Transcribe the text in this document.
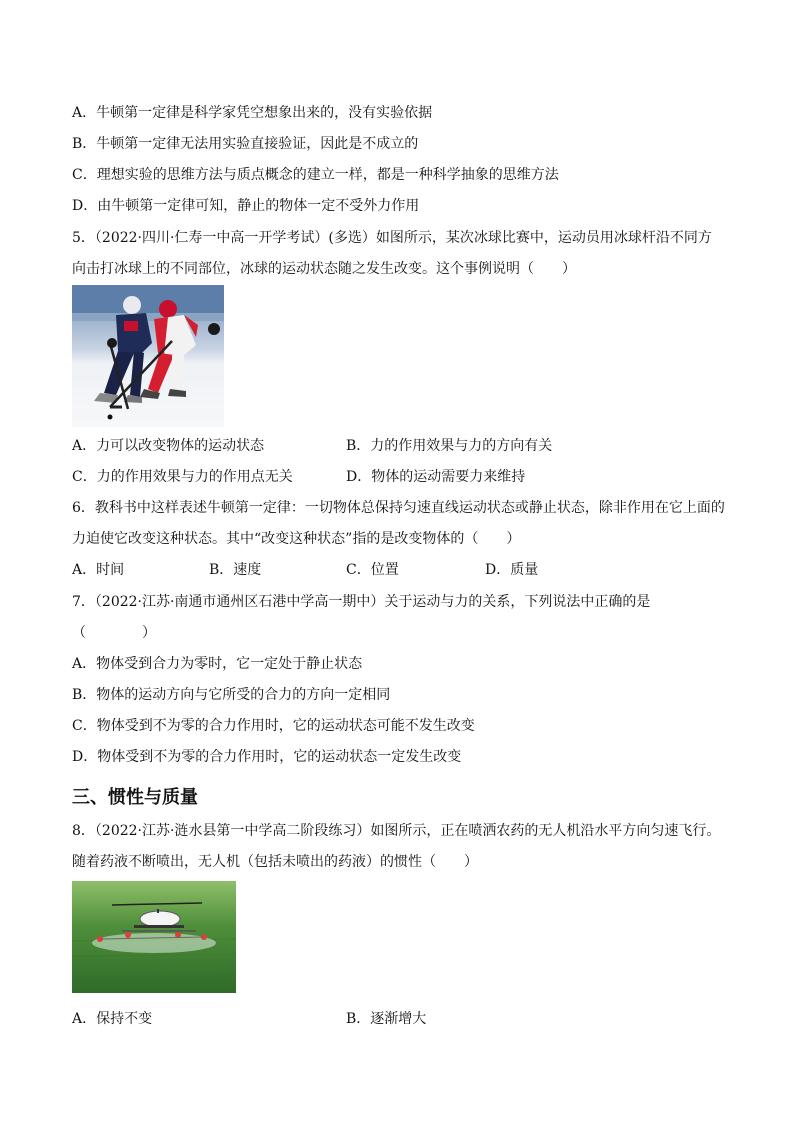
A．牛顿第一定律是科学家凭空想象出来的，没有实验依据
B．牛顿第一定律无法用实验直接验证，因此是不成立的
C．理想实验的思维方法与质点概念的建立一样，都是一种科学抽象的思维方法
D．由牛顿第一定律可知，静止的物体一定不受外力作用
5．（2022·四川·仁寿一中高一开学考试）(多选）如图所示，某次冰球比赛中，运动员用冰球杆沿不同方
向击打冰球上的不同部位，冰球的运动状态随之发生改变。这个事例说明（　　）
A．力可以改变物体的运动状态	B．力的作用效果与力的方向有关
C．力的作用效果与力的作用点无关	D．物体的运动需要力来维持
6．教科书中这样表述牛顿第一定律：一切物体总保持匀速直线运动状态或静止状态，除非作用在它上面的
力迫使它改变这种状态。其中“改变这种状态”指的是改变物体的（　　）
A．时间	B．速度	C．位置	D．质量
7．（2022·江苏·南通市通州区石港中学高一期中）关于运动与力的关系，下列说法中正确的是
（　　　　）
A．物体受到合力为零时，它一定处于静止状态
B．物体的运动方向与它所受的合力的方向一定相同
C．物体受到不为零的合力作用时，它的运动状态可能不发生改变
D．物体受到不为零的合力作用时，它的运动状态一定发生改变
三、惯性与质量
8．（2022·江苏·涟水县第一中学高二阶段练习）如图所示，正在喷洒农药的无人机沿水平方向匀速飞行。
随着药液不断喷出，无人机（包括未喷出的药液）的惯性（　　）
A．保持不变	B．逐渐增大
